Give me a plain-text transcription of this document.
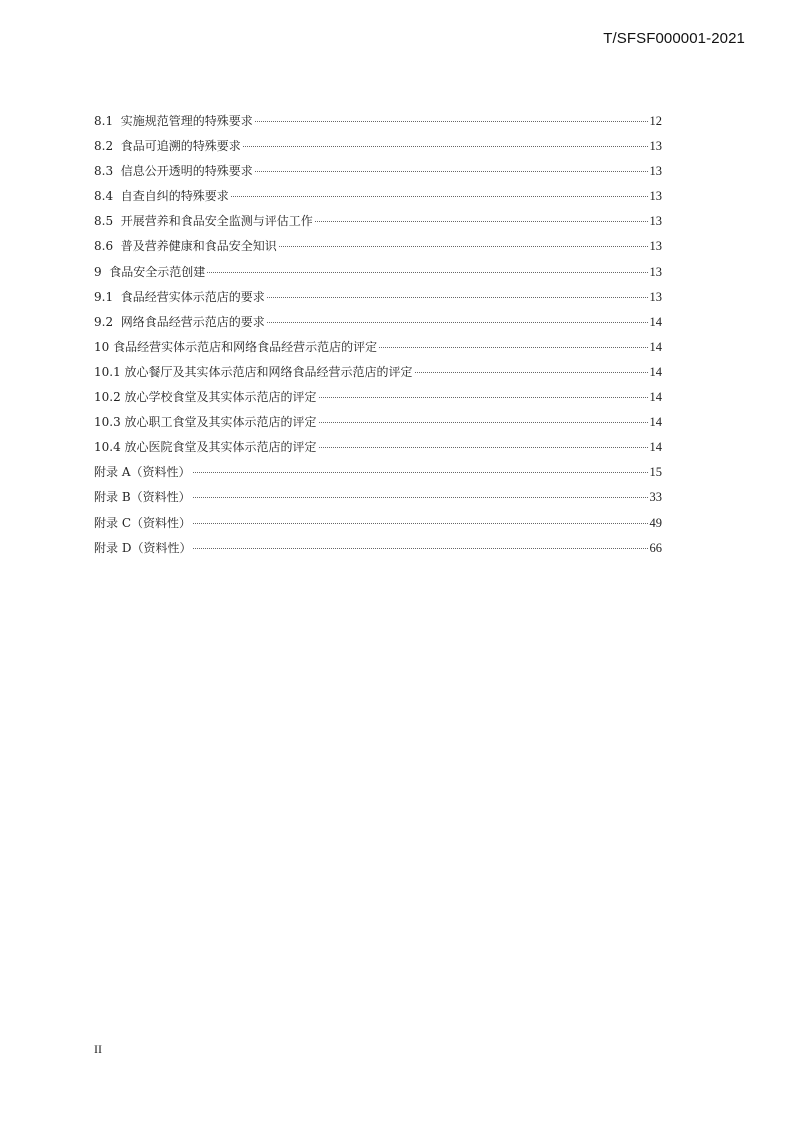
T/SFSF000001-2021
8.1 实施规范管理的特殊要求	12
8.2 食品可追溯的特殊要求	13
8.3 信息公开透明的特殊要求	13
8.4 自查自纠的特殊要求	13
8.5 开展营养和食品安全监测与评估工作	13
8.6 普及营养健康和食品安全知识	13
9 食品安全示范创建	13
9.1 食品经营实体示范店的要求	13
9.2 网络食品经营示范店的要求	14
10 食品经营实体示范店和网络食品经营示范店的评定	14
10.1 放心餐厅及其实体示范店和网络食品经营示范店的评定	14
10.2 放心学校食堂及其实体示范店的评定	14
10.3 放心职工食堂及其实体示范店的评定	14
10.4 放心医院食堂及其实体示范店的评定	14
附录 A（资料性）	15
附录 B（资料性）	33
附录 C（资料性）	49
附录 D（资料性）	66
II
